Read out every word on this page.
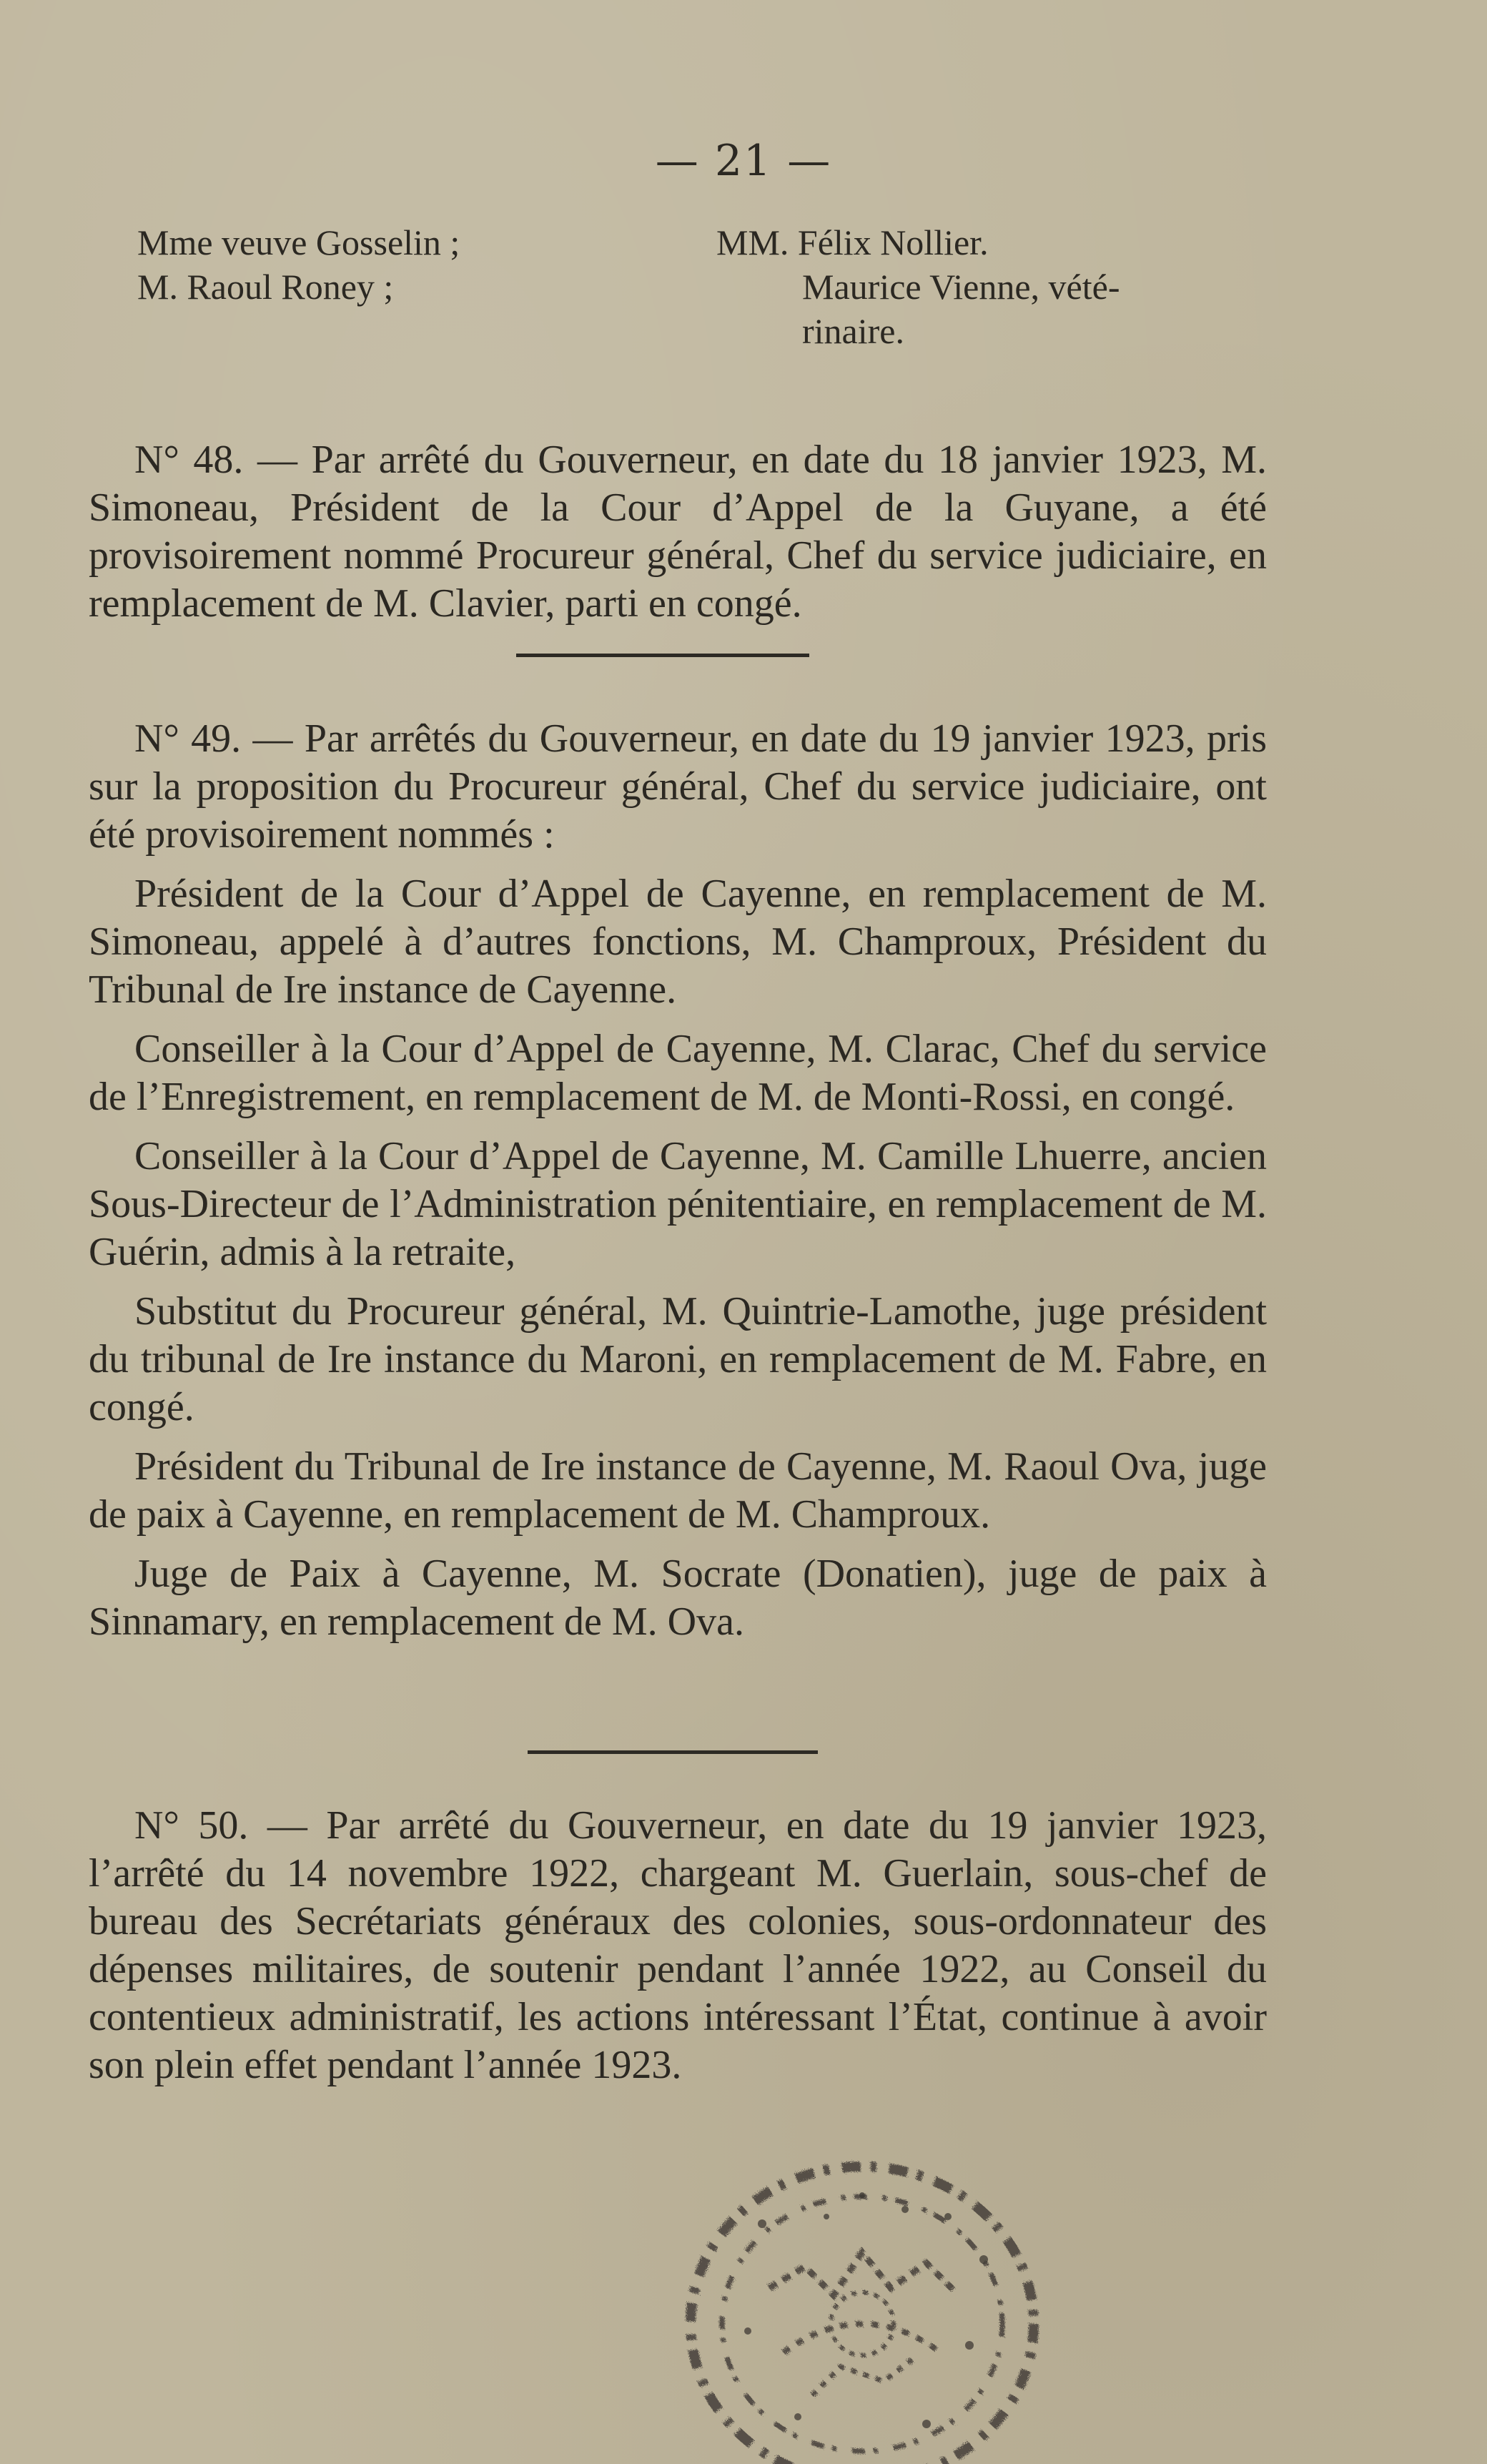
— 21 —
Mme veuve Gosselin ;
M. Raoul Roney ;
MM. Félix Nollier.
Maurice Vienne, vété-
rinaire.
N° 48. — Par arrêté du Gouverneur, en date du 18 janvier 1923, M. Simoneau, Président de la Cour d’Appel de la Guyane, a été provisoirement nommé Procureur général, Chef du service judiciaire, en remplacement de M. Clavier, parti en congé.

N° 49. — Par arrêtés du Gouverneur, en date du 19 janvier 1923, pris sur la proposition du Procureur général, Chef du service judiciaire, ont été provisoirement nommés :

Président de la Cour d’Appel de Cayenne, en remplacement de M. Simoneau, appelé à d’autres fonctions, M. Champroux, Président du Tribunal de Ire instance de Cayenne.

Conseiller à la Cour d’Appel de Cayenne, M. Clarac, Chef du service de l’Enregistrement, en remplacement de M. de Monti-Rossi, en congé.

Conseiller à la Cour d’Appel de Cayenne, M. Camille Lhuerre, ancien Sous-Directeur de l’Administration pénitentiaire, en remplacement de M. Guérin, admis à la retraite,

Substitut du Procureur général, M. Quintrie-Lamothe, juge président du tribunal de Ire instance du Maroni, en remplacement de M. Fabre, en congé.

Président du Tribunal de Ire instance de Cayenne, M. Raoul Ova, juge de paix à Cayenne, en remplacement de M. Champroux.

Juge de Paix à Cayenne, M. Socrate (Donatien), juge de paix à Sinnamary, en remplacement de M. Ova.

N° 50. — Par arrêté du Gouverneur, en date du 19 janvier 1923, l’arrêté du 14 novembre 1922, chargeant M. Guerlain, sous-chef de bureau des Secrétariats généraux des colonies, sous-ordonnateur des dépenses militaires, de soutenir pendant l’année 1922, au Conseil du contentieux administratif, les actions intéressant l’État, continue à avoir son plein effet pendant l’année 1923.
